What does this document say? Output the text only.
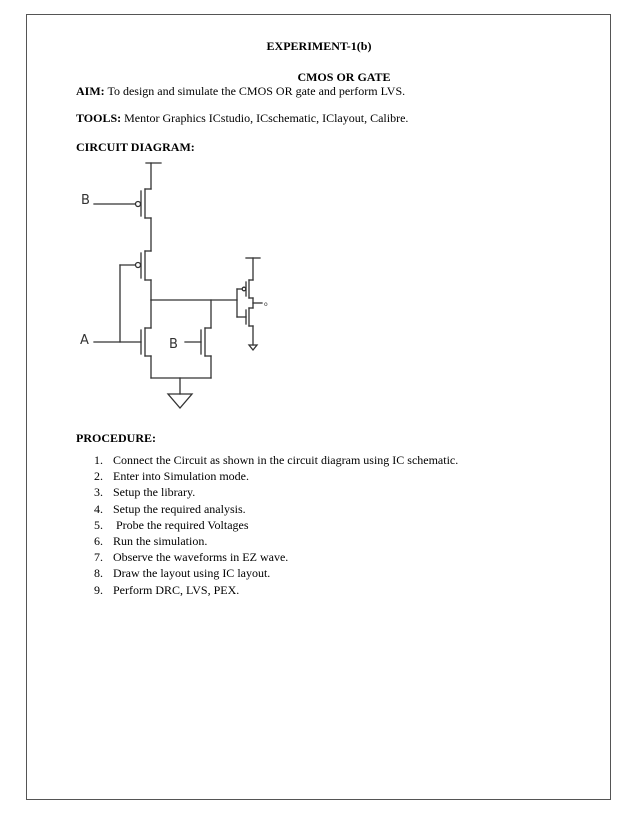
EXPERIMENT-1(b)
CMOS OR GATE
AIM: To design and simulate the CMOS OR gate and perform LVS.
TOOLS: Mentor Graphics ICstudio, ICschematic, IClayout, Calibre.
CIRCUIT DIAGRAM:
B
A	B
o
PROCEDURE:
1. Connect the Circuit as shown in the circuit diagram using IC schematic.
2. Enter into Simulation mode.
3. Setup the library.
4. Setup the required analysis.
5. Probe the required Voltages
6. Run the simulation.
7. Observe the waveforms in EZ wave.
8. Draw the layout using IC layout.
9. Perform DRC, LVS, PEX.
